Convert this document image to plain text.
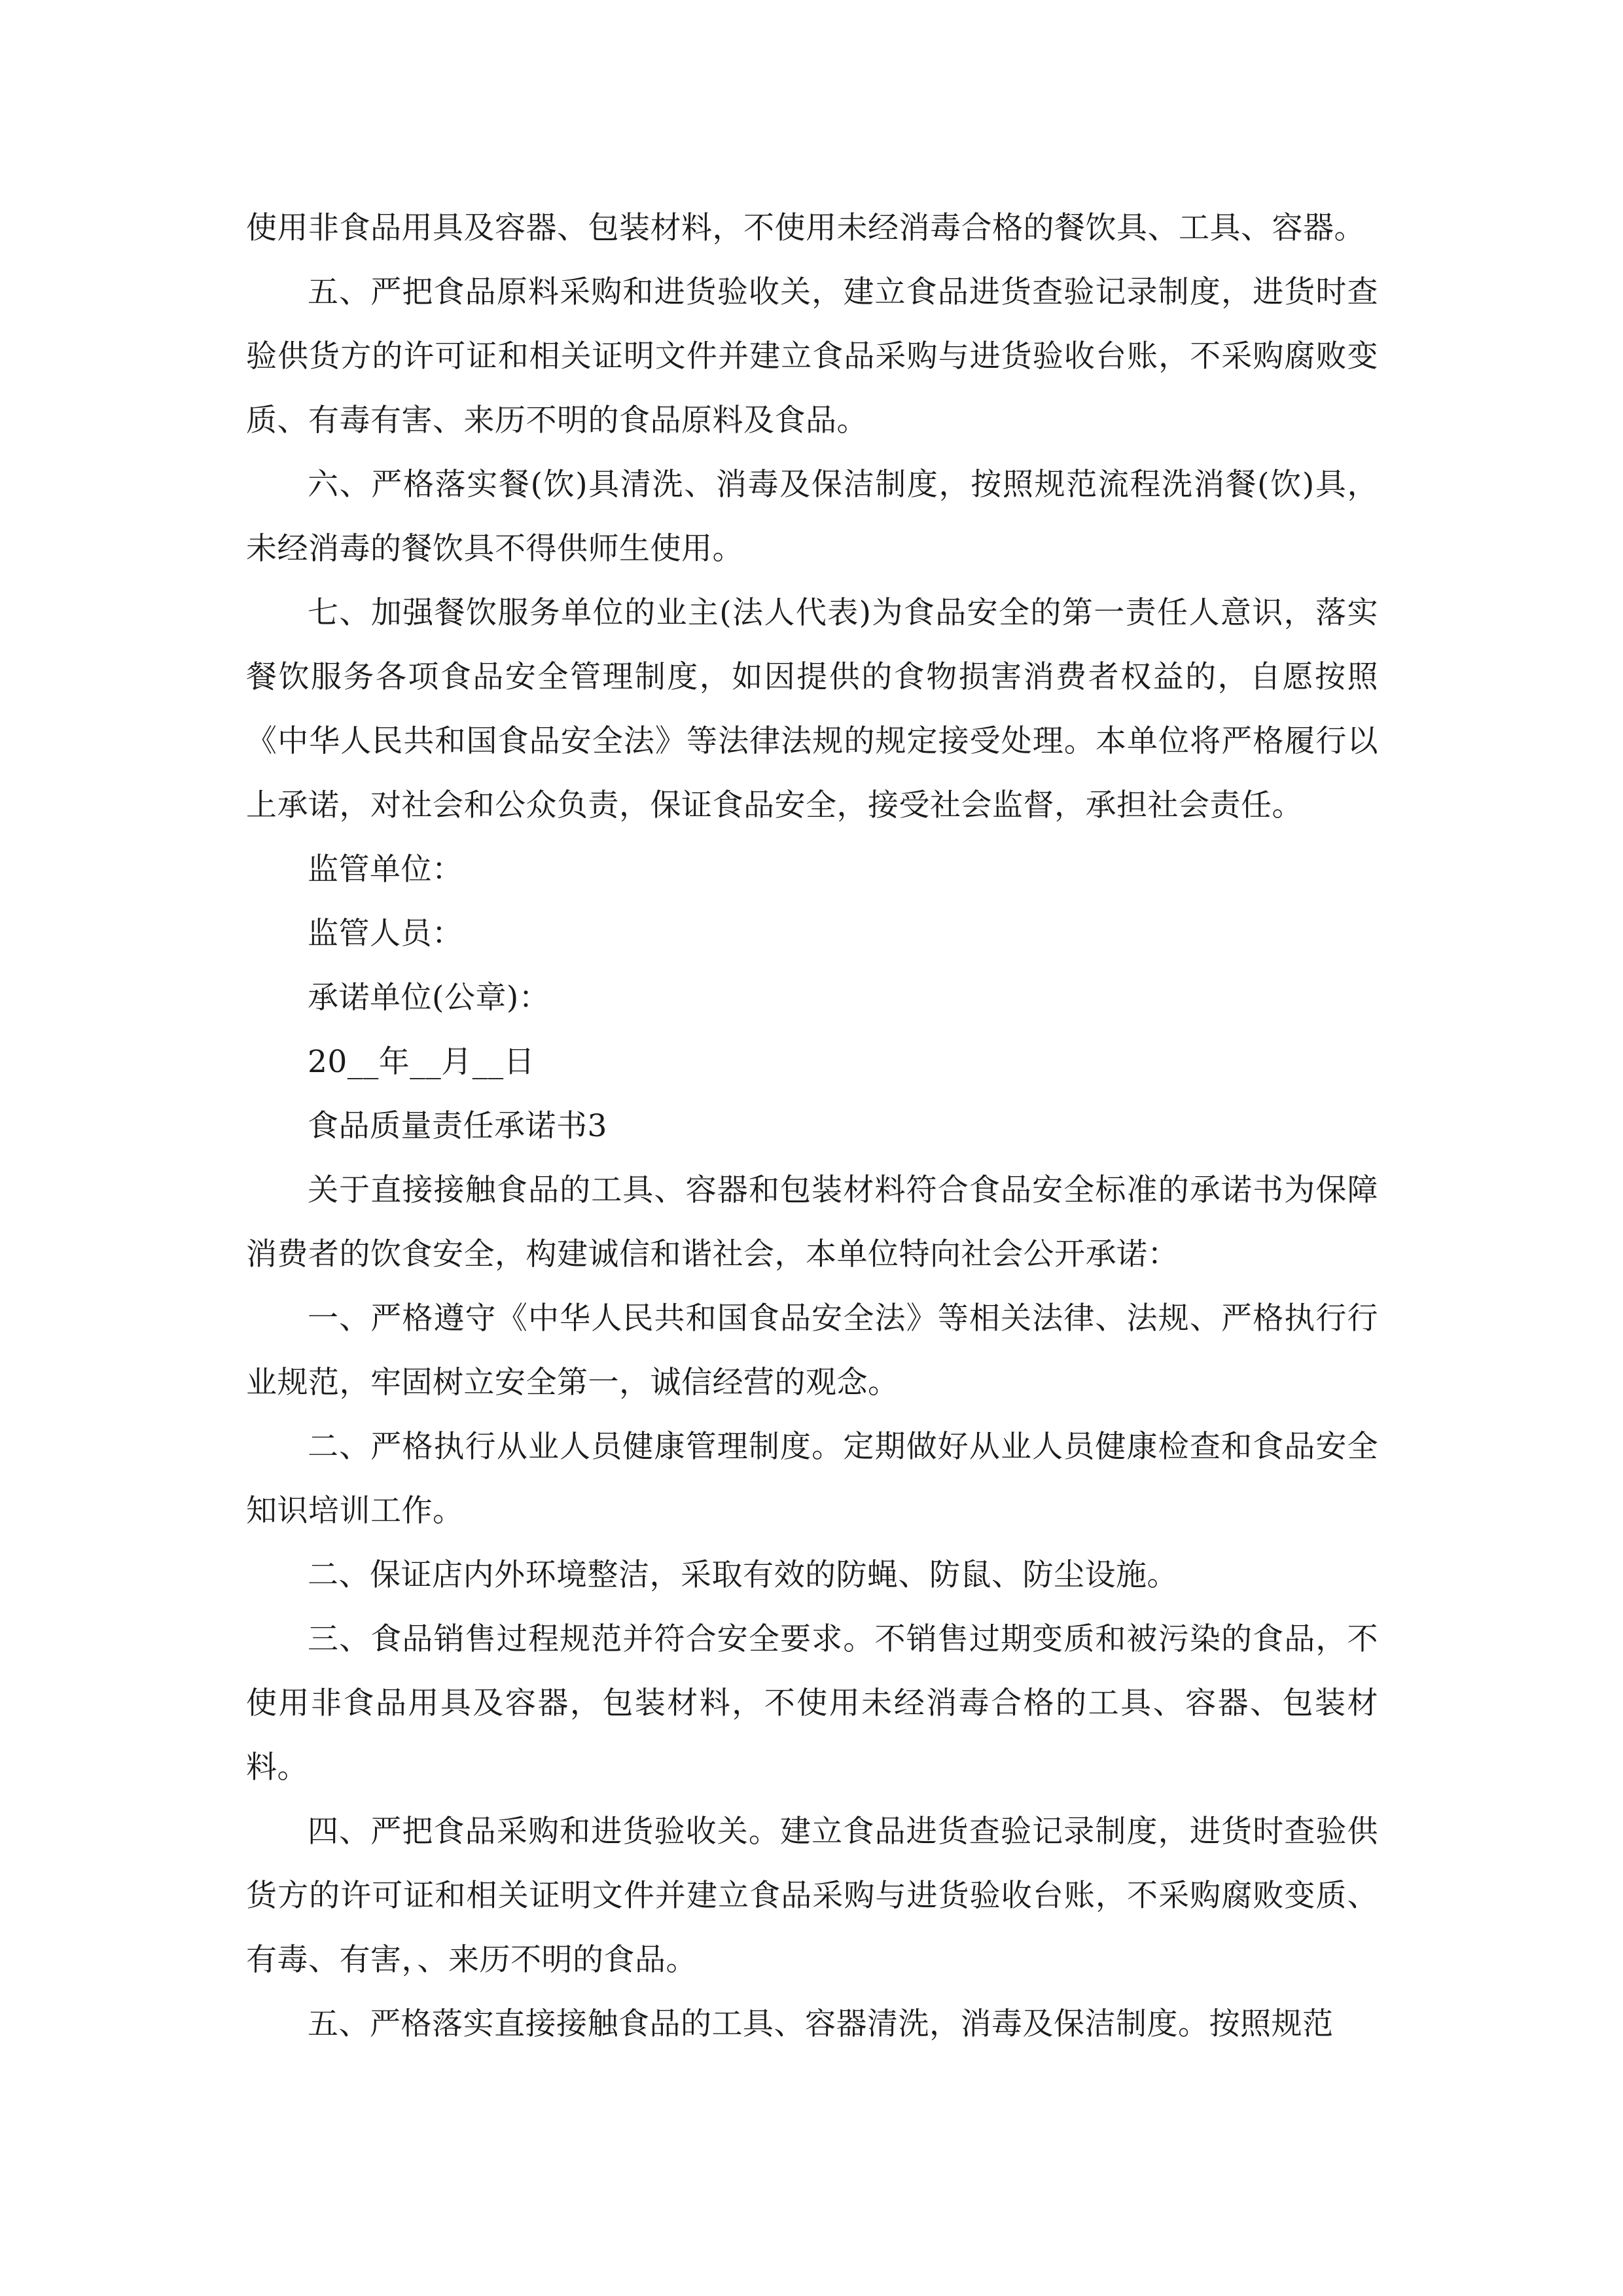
使用非食品用具及容器、包装材料，不使用未经消毒合格的餐饮具、工具、容器。

五、严把食品原料采购和进货验收关，建立食品进货查验记录制度，进货时查验供货方的许可证和相关证明文件并建立食品采购与进货验收台账，不采购腐败变质、有毒有害、来历不明的食品原料及食品。

六、严格落实餐(饮)具清洗、消毒及保洁制度，按照规范流程洗消餐(饮)具，未经消毒的餐饮具不得供师生使用。

七、加强餐饮服务单位的业主(法人代表)为食品安全的第一责任人意识，落实餐饮服务各项食品安全管理制度，如因提供的食物损害消费者权益的，自愿按照《中华人民共和国食品安全法》等法律法规的规定接受处理。本单位将严格履行以上承诺，对社会和公众负责，保证食品安全，接受社会监督，承担社会责任。

监管单位：

监管人员：

承诺单位(公章)：

20__年__月__日

食品质量责任承诺书3

关于直接接触食品的工具、容器和包装材料符合食品安全标准的承诺书为保障消费者的饮食安全，构建诚信和谐社会，本单位特向社会公开承诺：

一、严格遵守《中华人民共和国食品安全法》等相关法律、法规、严格执行行业规范，牢固树立安全第一，诚信经营的观念。

二、严格执行从业人员健康管理制度。定期做好从业人员健康检查和食品安全知识培训工作。

二、保证店内外环境整洁，采取有效的防蝇、防鼠、防尘设施。

三、食品销售过程规范并符合安全要求。不销售过期变质和被污染的食品，不使用非食品用具及容器，包装材料，不使用未经消毒合格的工具、容器、包装材料。

四、严把食品采购和进货验收关。建立食品进货查验记录制度，进货时查验供货方的许可证和相关证明文件并建立食品采购与进货验收台账，不采购腐败变质、有毒、有害，、来历不明的食品。

五、严格落实直接接触食品的工具、容器清洗，消毒及保洁制度。按照规范
